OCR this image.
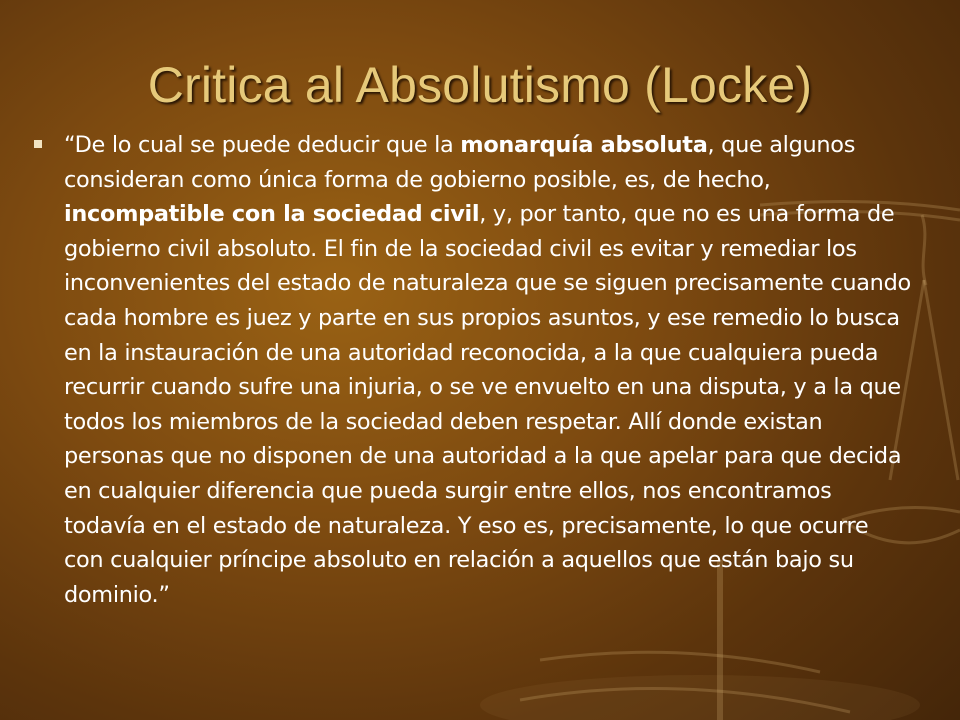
Critica al Absolutismo (Locke)

“De lo cual se puede deducir que la monarquía absoluta, que algunos consideran como única forma de gobierno posible, es, de hecho, incompatible con la sociedad civil, y, por tanto, que no es una forma de gobierno civil absoluto. El fin de la sociedad civil es evitar y remediar los inconvenientes del estado de naturaleza que se siguen precisamente cuando cada hombre es juez y parte en sus propios asuntos, y ese remedio lo busca en la instauración de una autoridad reconocida, a la que cualquiera pueda recurrir cuando sufre una injuria, o se ve envuelto en una disputa, y a la que todos los miembros de la sociedad deben respetar. Allí donde existan personas que no disponen de una autoridad a la que apelar para que decida en cualquier diferencia que pueda surgir entre ellos, nos encontramos todavía en el estado de naturaleza. Y eso es, precisamente, lo que ocurre con cualquier príncipe absoluto en relación a aquellos que están bajo su dominio.”
